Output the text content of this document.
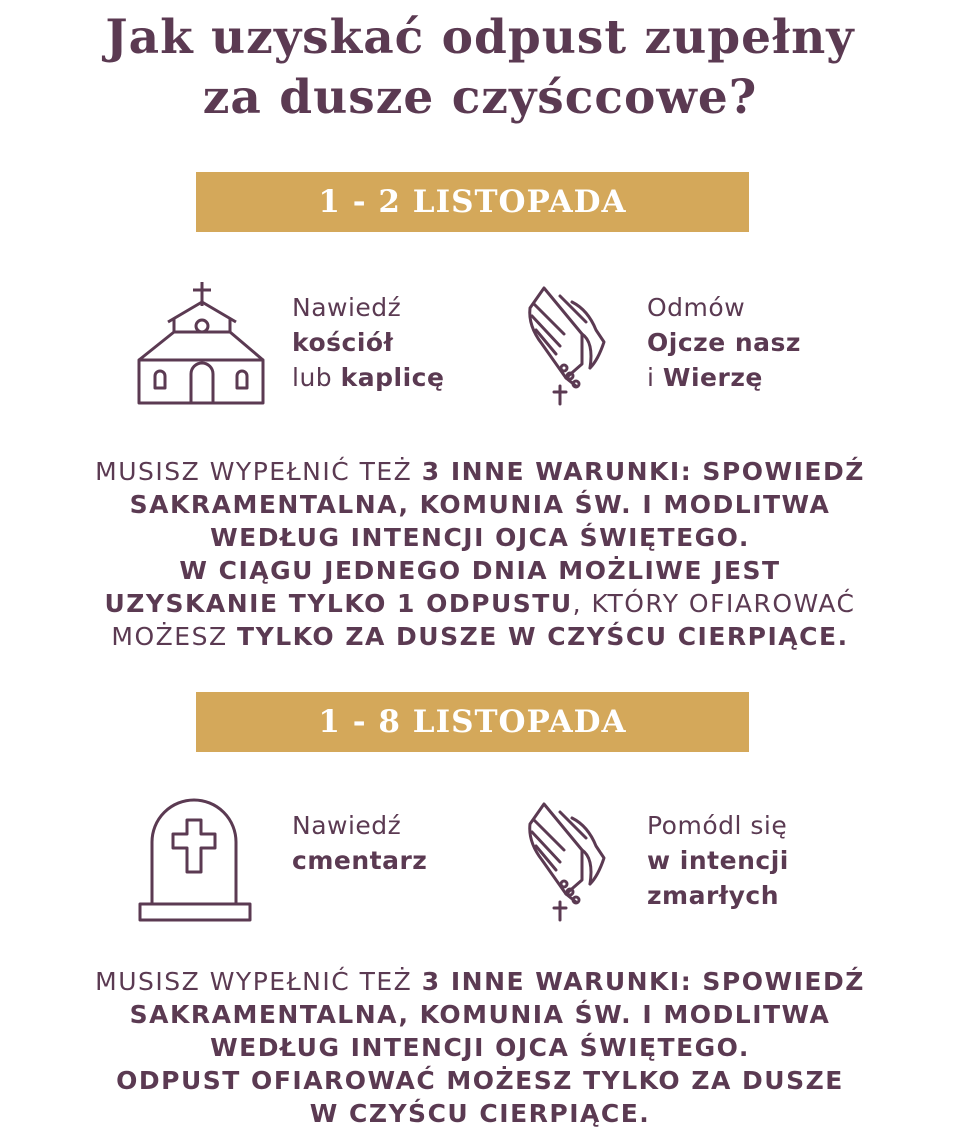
Jak uzyskać odpust zupełny
za dusze czyśccowe?
1 - 2 LISTOPADA
Nawiedź
kościół
lub kaplicę
Odmów
Ojcze nasz
i Wierzę
MUSISZ WYPEŁNIĆ TEŻ 3 INNE WARUNKI: SPOWIEDŹ
SAKRAMENTALNA, KOMUNIA ŚW. I MODLITWA
WEDŁUG INTENCJI OJCA ŚWIĘTEGO.
W CIĄGU JEDNEGO DNIA MOŻLIWE JEST
UZYSKANIE TYLKO 1 ODPUSTU, KTÓRY OFIAROWAĆ
MOŻESZ TYLKO ZA DUSZE W CZYŚCU CIERPIĄCE.
1 - 8 LISTOPADA
Nawiedź
cmentarz
Pomódl się
w intencji
zmarłych
MUSISZ WYPEŁNIĆ TEŻ 3 INNE WARUNKI: SPOWIEDŹ
SAKRAMENTALNA, KOMUNIA ŚW. I MODLITWA
WEDŁUG INTENCJI OJCA ŚWIĘTEGO.
ODPUST OFIAROWAĆ MOŻESZ TYLKO ZA DUSZE
W CZYŚCU CIERPIĄCE.
